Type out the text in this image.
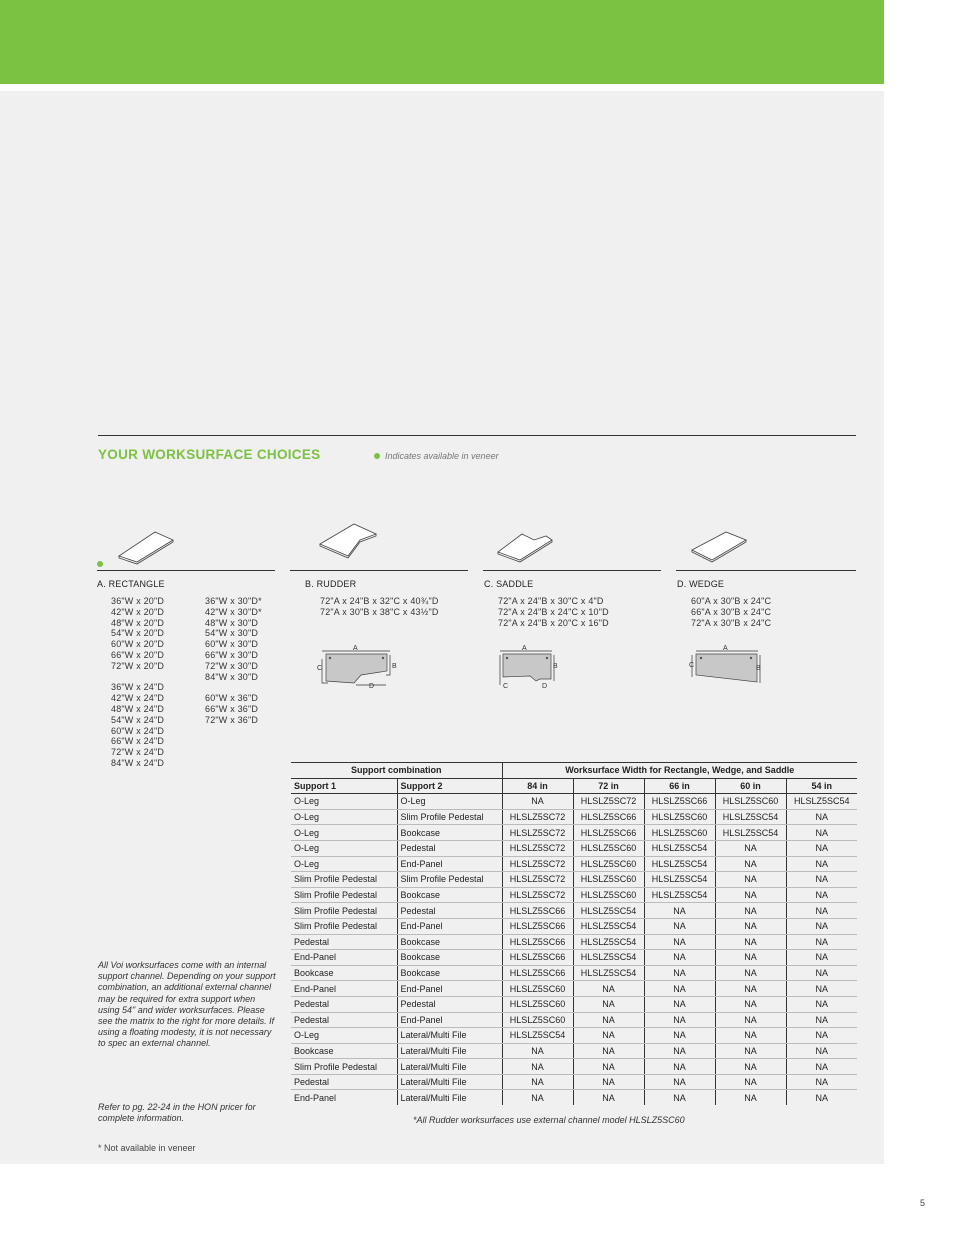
YOUR WORKSURFACE CHOICES	Indicates available in veneer
A. RECTANGLE	B. RUDDER	C. SADDLE	D. WEDGE
36"W x 20"D
42"W x 20"D
48"W x 20"D
54"W x 20"D
60"W x 20"D
66"W x 20"D
72"W x 20"D
36"W x 24"D
42"W x 24"D
48"W x 24"D
54"W x 24"D
60"W x 24"D
66"W x 24"D
72"W x 24"D
84"W x 24"D
36"W x 30"D*
42"W x 30"D*
48"W x 30"D
54"W x 30"D
60"W x 30"D
66"W x 30"D
72"W x 30"D
84"W x 30"D
60"W x 36"D
66"W x 36"D
72"W x 36"D
72"A x 24"B x 32"C x 40¾"D
72"A x 30"B x 38"C x 43½"D
72"A x 24"B x 30"C x 4"D
72"A x 24"B x 24"C x 10"D
72"A x 24"B x 20"C x 16"D
60"A x 30"B x 24"C
66"A x 30"B x 24"C
72"A x 30"B x 24"C
A
B
C
D
A
B
C	D
A
B
C
All Voi worksurfaces come with an internal support channel. Depending on your support combination, an additional external channel may be required for extra support when using 54" and wider worksurfaces. Please see the matrix to the right for more details. If using a floating modesty, it is not necessary to spec an external channel.
Refer to pg. 22-24 in the HON pricer for complete information.
* Not available in veneer
Support combination		Worksurface Width for Rectangle, Wedge, and Saddle				
Support 1	Support 2	84 in	72 in	66 in	60 in	54 in
O-Leg	O-Leg	NA	HLSLZ5SC72	HLSLZ5SC66	HLSLZ5SC60	HLSLZ5SC54
O-Leg	Slim Profile Pedestal	HLSLZ5SC72	HLSLZ5SC66	HLSLZ5SC60	HLSLZ5SC54	NA
O-Leg	Bookcase	HLSLZ5SC72	HLSLZ5SC66	HLSLZ5SC60	HLSLZ5SC54	NA
O-Leg	Pedestal	HLSLZ5SC72	HLSLZ5SC60	HLSLZ5SC54	NA	NA
O-Leg	End-Panel	HLSLZ5SC72	HLSLZ5SC60	HLSLZ5SC54	NA	NA
Slim Profile Pedestal	Slim Profile Pedestal	HLSLZ5SC72	HLSLZ5SC60	HLSLZ5SC54	NA	NA
Slim Profile Pedestal	Bookcase	HLSLZ5SC72	HLSLZ5SC60	HLSLZ5SC54	NA	NA
Slim Profile Pedestal	Pedestal	HLSLZ5SC66	HLSLZ5SC54	NA	NA	NA
Slim Profile Pedestal	End-Panel	HLSLZ5SC66	HLSLZ5SC54	NA	NA	NA
Pedestal	Bookcase	HLSLZ5SC66	HLSLZ5SC54	NA	NA	NA
End-Panel	Bookcase	HLSLZ5SC66	HLSLZ5SC54	NA	NA	NA
Bookcase	Bookcase	HLSLZ5SC66	HLSLZ5SC54	NA	NA	NA
End-Panel	End-Panel	HLSLZ5SC60	NA	NA	NA	NA
Pedestal	Pedestal	HLSLZ5SC60	NA	NA	NA	NA
Pedestal	End-Panel	HLSLZ5SC60	NA	NA	NA	NA
O-Leg	Lateral/Multi File	HLSLZ5SC54	NA	NA	NA	NA
Bookcase	Lateral/Multi File	NA	NA	NA	NA	NA
Slim Profile Pedestal	Lateral/Multi File	NA	NA	NA	NA	NA
Pedestal	Lateral/Multi File	NA	NA	NA	NA	NA
End-Panel	Lateral/Multi File	NA	NA	NA	NA	NA
*All Rudder worksurfaces use external channel model HLSLZ5SC60
5
